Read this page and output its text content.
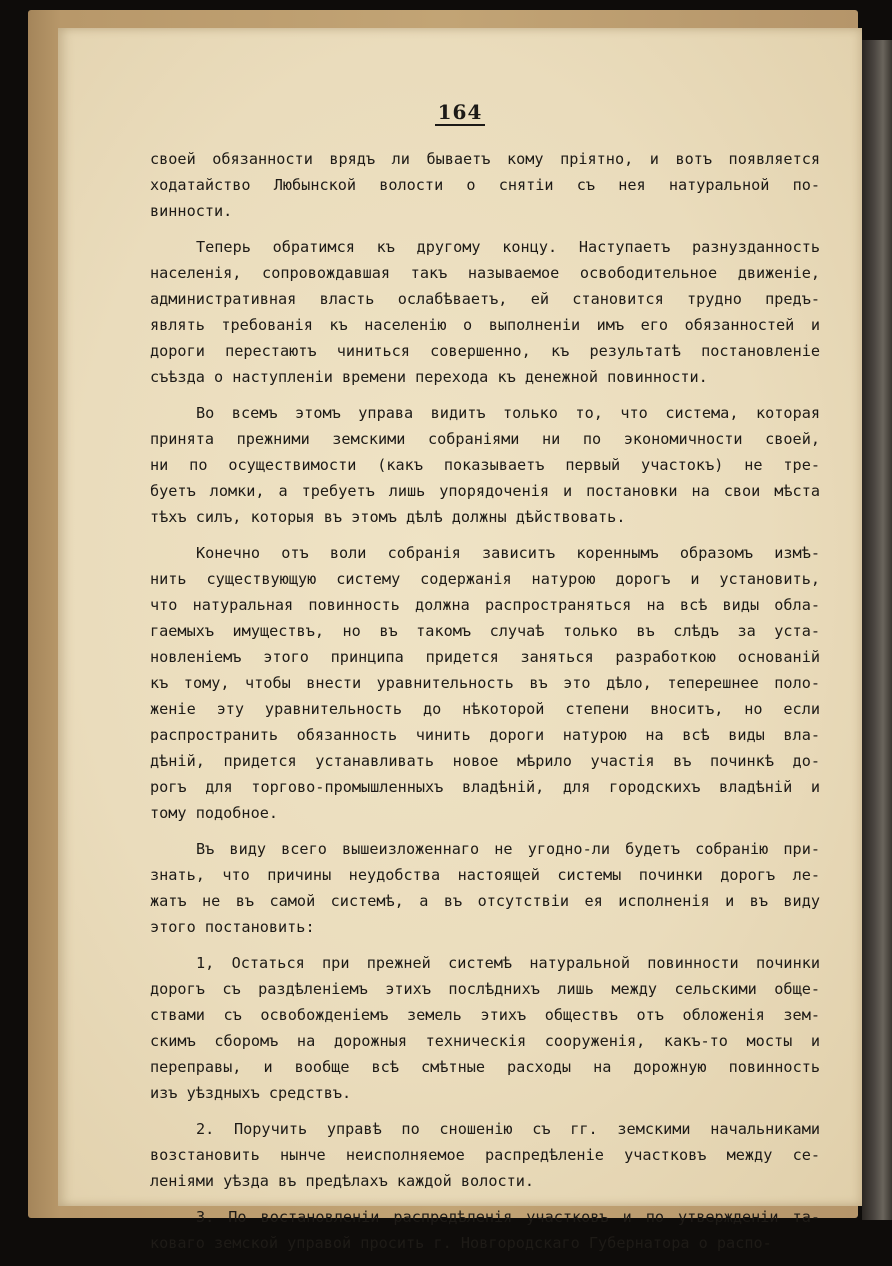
164
своей обязанности врядъ ли бываетъ кому пріятно, и вотъ появляется
ходатайство Любынской волости о снятіи съ нея натуральной по-
винности.
Теперь обратимся къ другому концу. Наступаетъ разнузданность
населенія, сопровождавшая такъ называемое освободительное движеніе,
административная власть ослабѣваетъ, ей становится трудно предъ-
являть требованія къ населенію о выполненіи имъ его обязанностей и
дороги перестаютъ чиниться совершенно, къ результатѣ постановленіе
съѣзда о наступленіи времени перехода къ денежной повинности.
Во всемъ этомъ управа видитъ только то, что система, которая
принята прежними земскими собраніями ни по экономичности своей,
ни по осуществимости (какъ показываетъ первый участокъ) не тре-
буетъ ломки, а требуетъ лишь упорядоченія и постановки на свои мѣста
тѣхъ силъ, которыя въ этомъ дѣлѣ должны дѣйствовать.
Конечно отъ воли собранія зависитъ кореннымъ образомъ измѣ-
нить существующую систему содержанія натурою дорогъ и установить,
что натуральная повинность должна распространяться на всѣ виды обла-
гаемыхъ имуществъ, но въ такомъ случаѣ только въ слѣдъ за уста-
новленіемъ этого принципа придется заняться разработкою основаній
къ тому, чтобы внести уравнительность въ это дѣло, теперешнее поло-
женіе эту уравнительность до нѣкоторой степени вноситъ, но если
распространить обязанность чинить дороги натурою на всѣ виды вла-
дѣній, придется устанавливать новое мѣрило участія въ починкѣ до-
рогъ для торгово-промышленныхъ владѣній, для городскихъ владѣній и
тому подобное.
Въ виду всего вышеизложеннаго не угодно-ли будетъ собранію при-
знать, что причины неудобства настоящей системы починки дорогъ ле-
жатъ не въ самой системѣ, а въ отсутствіи ея исполненія и въ виду
этого постановить:
1, Остаться при прежней системѣ натуральной повинности починки
дорогъ съ раздѣленіемъ этихъ послѣднихъ лишь между сельскими обще-
ствами съ освобожденіемъ земель этихъ обществъ отъ обложенія зем-
скимъ сборомъ на дорожныя техническія сооруженія, какъ-то мосты и
переправы, и вообще всѣ смѣтные расходы на дорожную повинность
изъ уѣздныхъ средствъ.
2. Поручить управѣ по сношенію съ гг. земскими начальниками
возстановить нынче неисполняемое распредѣленіе участковъ между се-
леніями уѣзда въ предѣлахъ каждой волости.
3. По востановленіи распредѣленія участковъ и по утвержденіи та-
коваго земской управой просить г. Новгородскаго Губернатора о распо-
